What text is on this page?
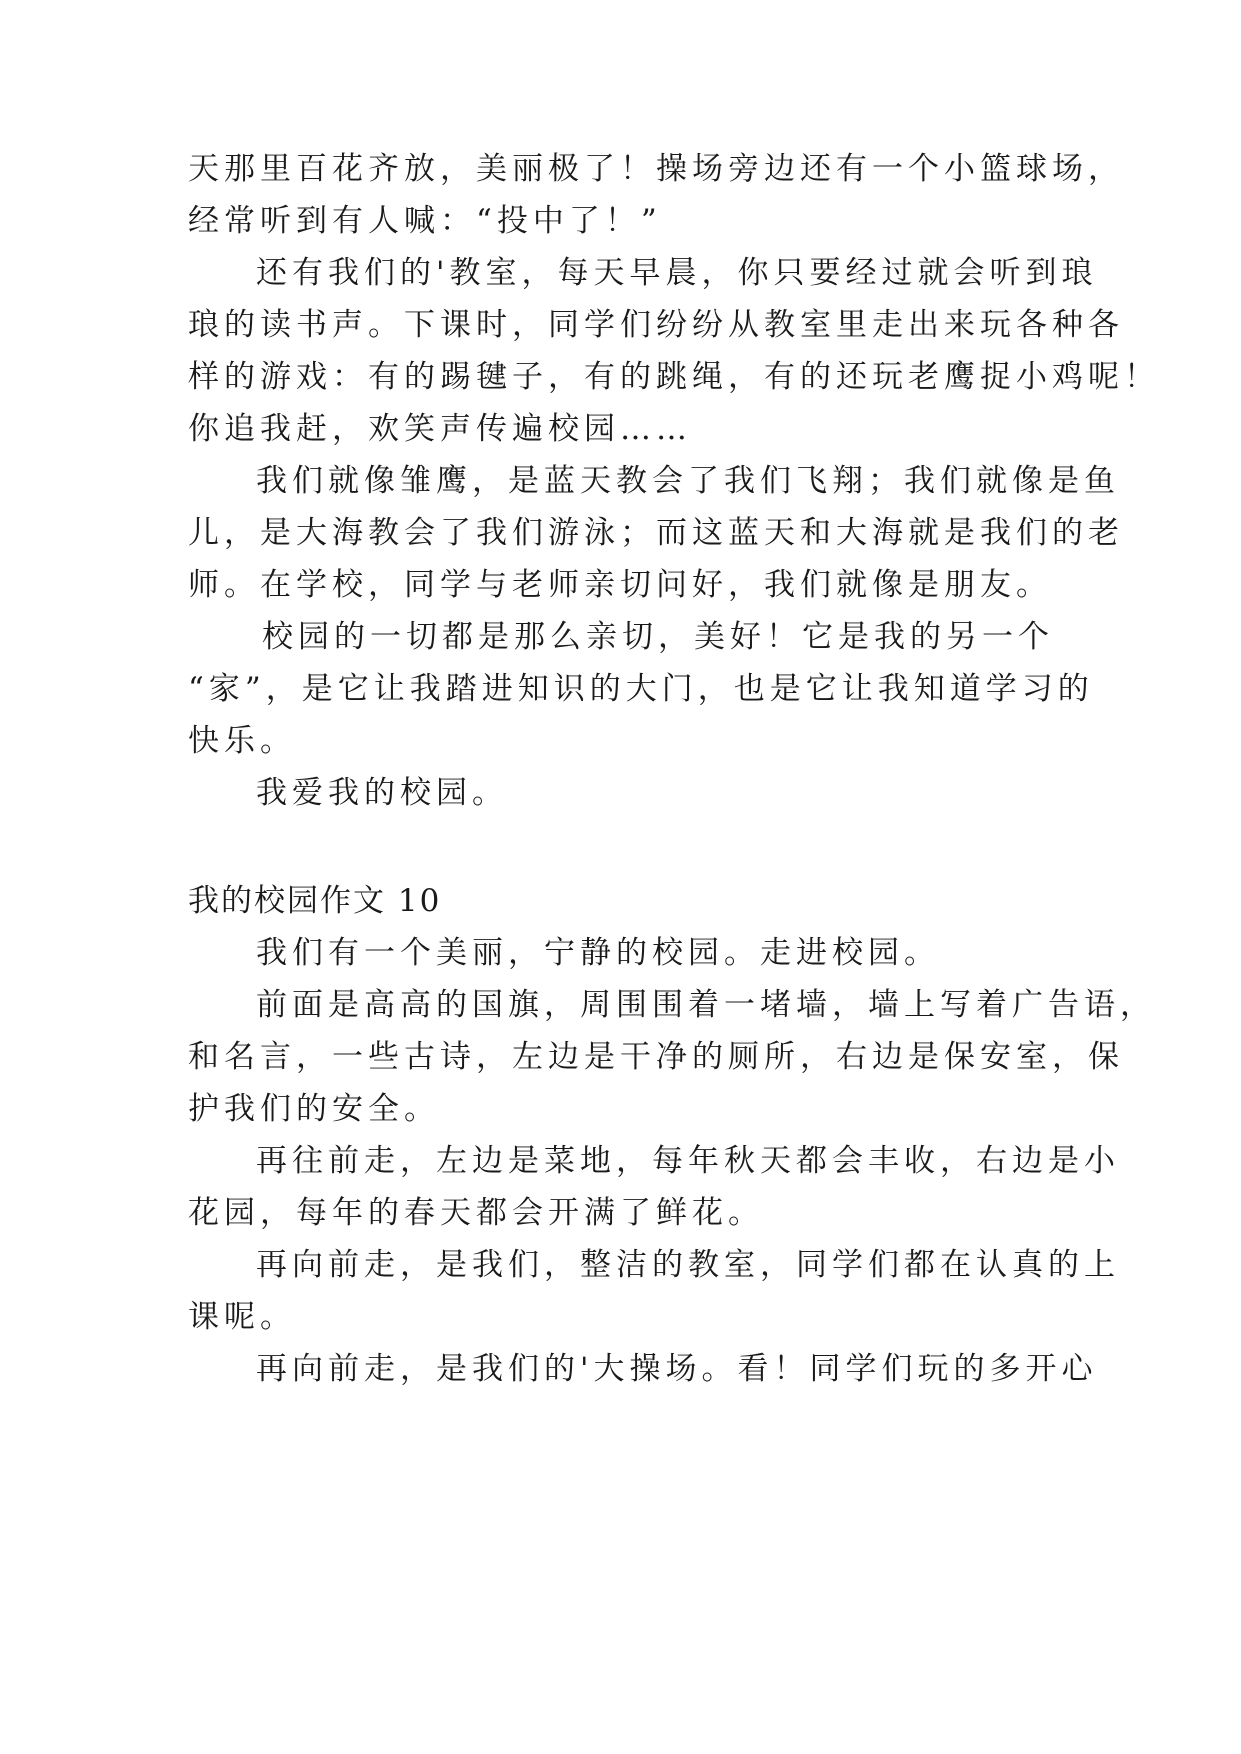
天那里百花齐放，美丽极了！操场旁边还有一个小篮球场，
经常听到有人喊：“投中了！”
还有我们的'教室，每天早晨，你只要经过就会听到琅
琅的读书声。下课时，同学们纷纷从教室里走出来玩各种各
样的游戏：有的踢毽子，有的跳绳，有的还玩老鹰捉小鸡呢！
你追我赶，欢笑声传遍校园……
我们就像雏鹰，是蓝天教会了我们飞翔；我们就像是鱼
儿，是大海教会了我们游泳；而这蓝天和大海就是我们的老
师。在学校，同学与老师亲切问好，我们就像是朋友。
校园的一切都是那么亲切，美好！它是我的另一个
“家”，是它让我踏进知识的大门，也是它让我知道学习的
快乐。
我爱我的校园。
我的校园作文 10
我们有一个美丽，宁静的校园。走进校园。
前面是高高的国旗，周围围着一堵墙，墙上写着广告语，
和名言，一些古诗，左边是干净的厕所，右边是保安室，保
护我们的安全。
再往前走，左边是菜地，每年秋天都会丰收，右边是小
花园，每年的春天都会开满了鲜花。
再向前走，是我们，整洁的教室，同学们都在认真的上
课呢。
再向前走，是我们的'大操场。看！同学们玩的多开心
